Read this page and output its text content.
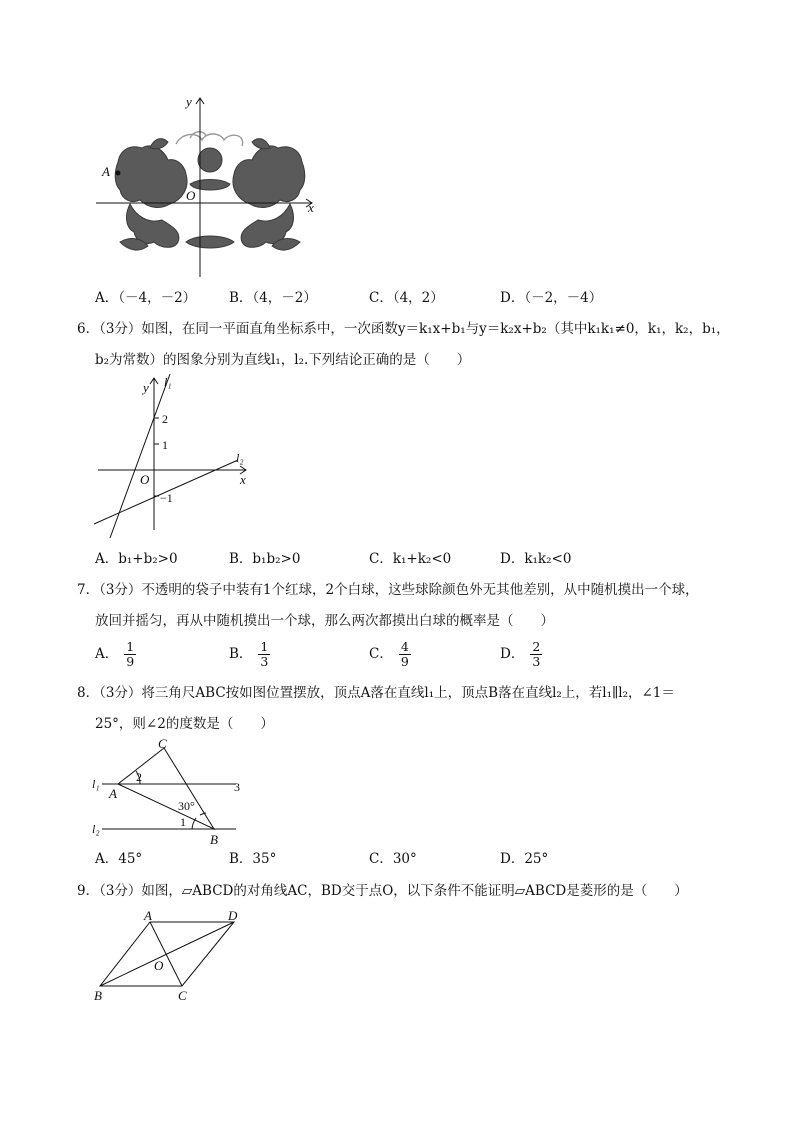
y
x
O
A
A．（－4，－2） B．（4，－2）	C．（4，2）	D．（－2，－4）
6．（3分）如图，在同一平面直角坐标系中，一次函数y＝k₁x+b₁与y＝k₂x+b₂（其中k₁k₁≠0，k₁，k₂，b₁，
b₂为常数）的图象分别为直线l₁，l₂.下列结论正确的是（　　）
y l₁
l₂
2
1
−1
O	x
A．b₁+b₂>0	B．b₁b₂>0	C．k₁+k₂<0	D．k₁k₂<0
7．（3分）不透明的袋子中装有1个红球，2个白球，这些球除颜色外无其他差别，从中随机摸出一个球，
放回并摇匀，再从中随机摸出一个球，那么两次都摸出白球的概率是（　　）
A． $\frac{1}{9}$	B． $\frac{1}{3}$	C． $\frac{4}{9}$	D． $\frac{2}{3}$
8．（3分）将三角尺ABC按如图位置摆放，顶点A落在直线l₁上，顶点B落在直线l₂上，若l₁∥l₂，∠1＝
25°，则∠2的度数是（　　）
C
A
B
l₁
l₂
2
1
30°
3
A．45°	B．35°	C．30°	D．25°
9．（3分）如图，▱ABCD的对角线AC，BD交于点O，以下条件不能证明▱ABCD是菱形的是（　　）
A	D
B	C
O
